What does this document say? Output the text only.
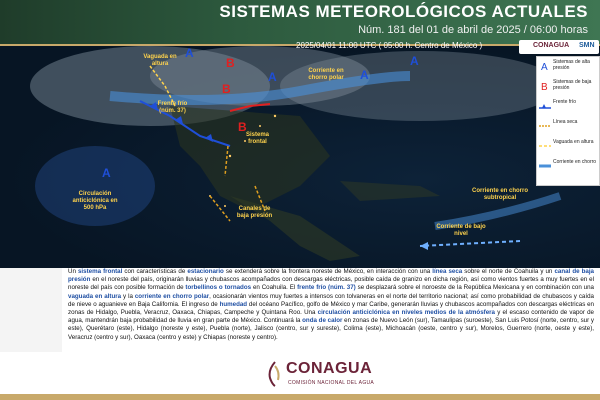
SISTEMAS METEOROLÓGICOS ACTUALES
Núm. 181 del 01 de abril de 2025 / 06:00 horas
2025/04/01 11:00 UTC ( 05:00 h. Centro de México )
A
B
B
A	A
A
A
B
Vaguada en altura
Frente frío (núm. 37)
Sistema frontal
Corriente en chorro polar
Circulación anticiclónica en 500 hPa	Canales de baja presión
Corriente en chorro subtropical
Corriente de bajo nivel
CONAGUA SMN
A Sistemas de alta presión
B Sistemas de baja presión
Frente frío
Línea seca
Vaguada en altura
Corriente en chorro
Un sistema frontal con características de estacionario se extenderá sobre la frontera noreste de México, en interacción con una línea seca sobre el norte de Coahuila y un canal de baja presión en el noreste del país, originarán lluvias y chubascos acompañados con descargas eléctricas, posible caída de granizo en dicha región, así como vientos fuertes a muy fuertes en el noreste del país con posible formación de torbellinos o tornados en Coahuila. El frente frío (núm. 37) se desplazará sobre el noroeste de la República Mexicana y en combinación con una vaguada en altura y la corriente en chorro polar, ocasionarán vientos muy fuertes a intensos con tolvaneras en el norte del territorio nacional; así como probabilidad de chubascos y caída de nieve o aguanieve en Baja California. El ingreso de humedad del océano Pacífico, golfo de México y mar Caribe, generarán lluvias y chubascos acompañados con descargas eléctricas en zonas de Hidalgo, Puebla, Veracruz, Oaxaca, Chiapas, Campeche y Quintana Roo. Una circulación anticiclónica en niveles medios de la atmósfera y el escaso contenido de vapor de agua, mantendrán baja probabilidad de lluvia en gran parte de México. Continuará la onda de calor en zonas de Nuevo León (sur), Tamaulipas (suroeste), San Luis Potosí (norte, centro, sur y este), Querétaro (este), Hidalgo (noreste y este), Puebla (norte), Jalisco (centro, sur y sureste), Colima (este), Michoacán (oeste, centro y sur), Morelos, Guerrero (norte, oeste y este), Veracruz (centro y sur), Oaxaca (centro y este) y Chiapas (noreste y centro).
CONAGUA
COMISIÓN NACIONAL DEL AGUA
